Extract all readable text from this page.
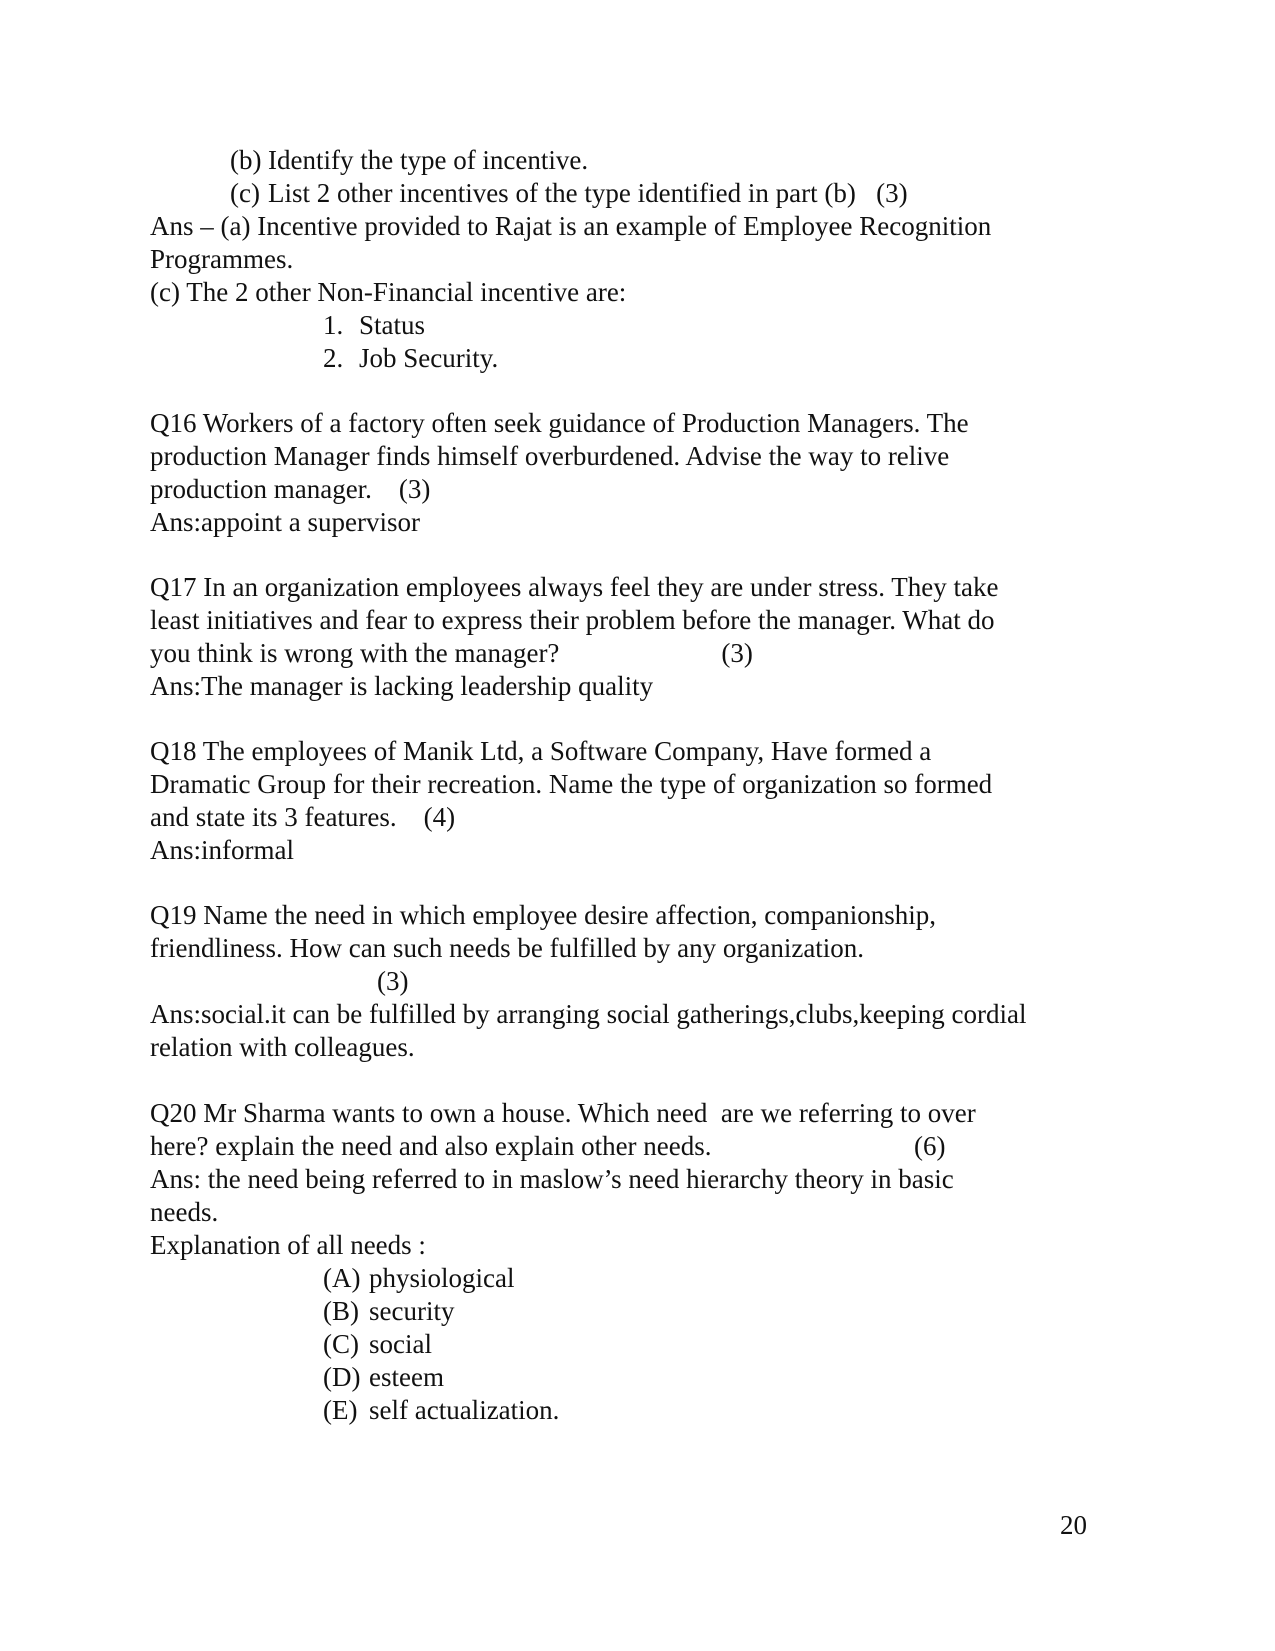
(b) Identify the type of incentive.
(c) List 2 other incentives of the type identified in part (b)   (3)
Ans – (a) Incentive provided to Rajat is an example of Employee Recognition
Programmes.
(c) The 2 other Non-Financial incentive are:
1. Status
2. Job Security.
Q16 Workers of a factory often seek guidance of Production Managers. The
production Manager finds himself overburdened. Advise the way to relive
production manager.    (3)
Ans:appoint a supervisor
Q17 In an organization employees always feel they are under stress. They take
least initiatives and fear to express their problem before the manager. What do
you think is wrong with the manager?                        (3)
Ans:The manager is lacking leadership quality
Q18 The employees of Manik Ltd, a Software Company, Have formed a
Dramatic Group for their recreation. Name the type of organization so formed
and state its 3 features.    (4)
Ans:informal
Q19 Name the need in which employee desire affection, companionship,
friendliness. How can such needs be fulfilled by any organization.
(3)
Ans:social.it can be fulfilled by arranging social gatherings,clubs,keeping cordial
relation with colleagues.
Q20 Mr Sharma wants to own a house. Which need  are we referring to over
here? explain the need and also explain other needs.                              (6)
Ans: the need being referred to in maslow’s need hierarchy theory in basic
needs.
Explanation of all needs :
(A) physiological
(B) security
(C) social
(D) esteem
(E) self actualization.
20
